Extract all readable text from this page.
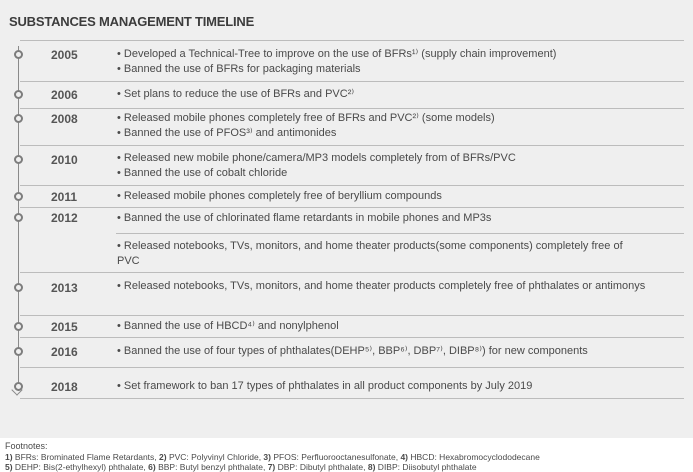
SUBSTANCES MANAGEMENT TIMELINE
2005	• Developed a Technical-Tree to improve on the use of BFRs¹⁾ (supply chain improvement)
• Banned the use of BFRs for packaging materials
2006	• Set plans to reduce the use of BFRs and PVC²⁾
2008	• Released mobile phones completely free of BFRs and PVC²⁾ (some models)
• Banned the use of PFOS³⁾ and antimonides
2010	• Released new mobile phone/camera/MP3 models completely from of BFRs/PVC
• Banned the use of cobalt chloride
2011	• Released mobile phones completely free of beryllium compounds
2012	• Banned the use of chlorinated flame retardants in mobile phones and MP3s
• Released notebooks, TVs, monitors, and home theater products(some components) completely free of PVC
2013	• Released notebooks, TVs, monitors, and home theater products completely free of phthalates or antimonys
2015	• Banned the use of HBCD⁴⁾ and nonylphenol
2016	• Banned the use of four types of phthalates(DEHP⁵⁾, BBP⁶⁾, DBP⁷⁾, DIBP⁸⁾) for new components
2018	• Set framework to ban 17 types of phthalates in all product components by July 2019
Footnotes:
1) BFRs: Brominated Flame Retardants, 2) PVC: Polyvinyl Chloride, 3) PFOS: Perfluorooctanesulfonate, 4) HBCD: Hexabromocyclododecane
5) DEHP: Bis(2-ethylhexyl) phthalate, 6) BBP: Butyl benzyl phthalate, 7) DBP: Dibutyl phthalate, 8) DIBP: Diisobutyl phthalate
